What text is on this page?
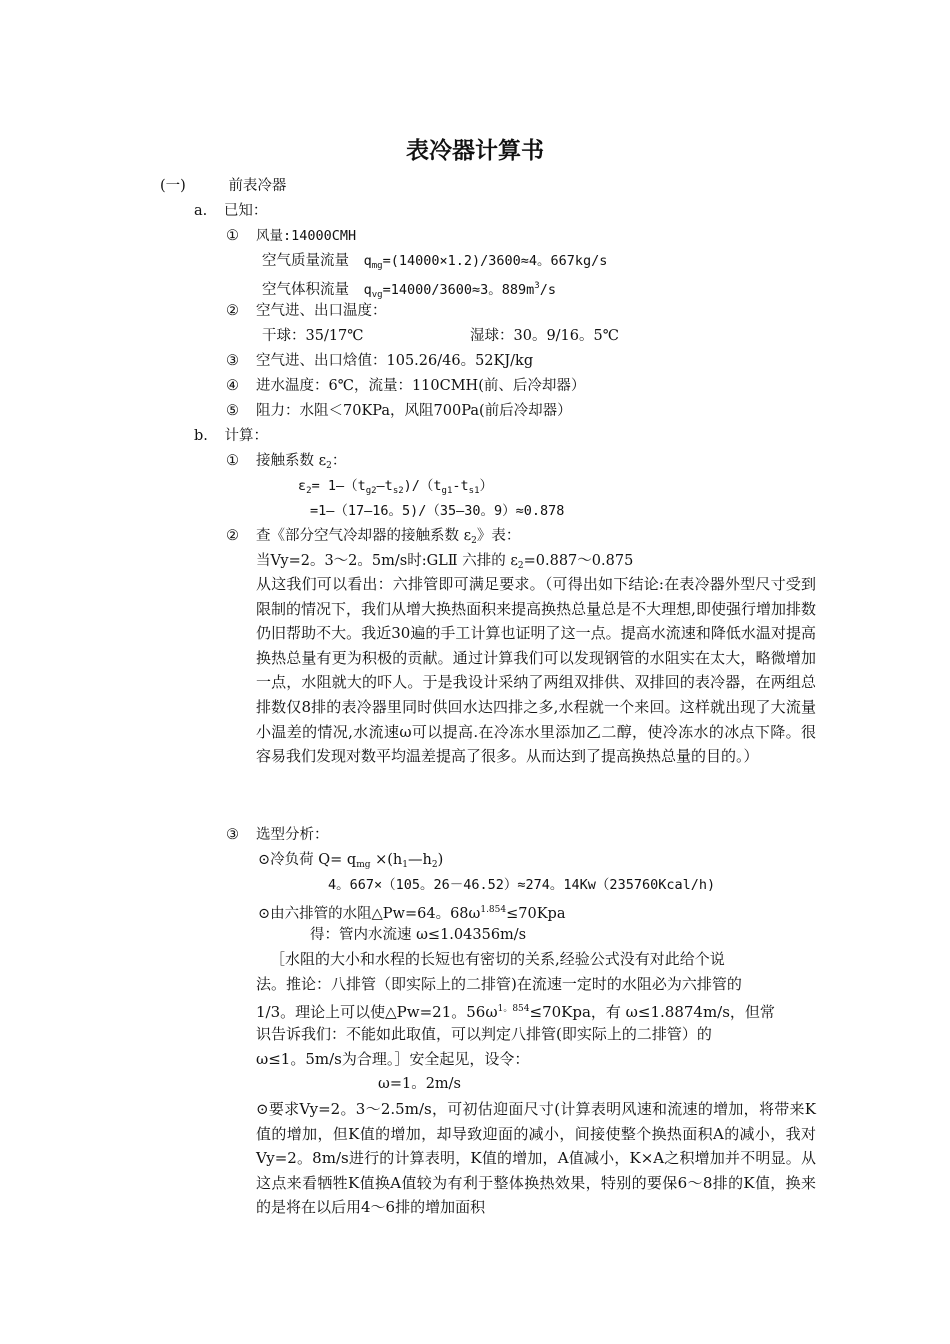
表冷器计算书
(一)	前表冷器
a. 已知：
① 风量:14000CMH
空气质量流量 $q_{mg}=(14000\times 1.2)/3600\approx 4$。667kg/s
空气体积流量 $q_{vg}=14000/3600\approx 3$。$889m^3/s$
② 空气进、出口温度：
干球：35/17℃	湿球：30。9/16。5℃
③ 空气进、出口焓值：105.26/46。52KJ/kg
④ 进水温度：6℃，流量：110CMH(前、后冷却器）
⑤ 阻力：水阻＜70KPa，风阻700Pa(前后冷却器）
b. 计算：
① 接触系数 $\varepsilon_2$：
$\varepsilon_2=$ $1—(t_{g2}—t_{s2})/(t_{g1}-t_{s1})$
=1—（17—16。5)/（35—30。9）≈0.878
② 查《部分空气冷却器的接触系数 $\varepsilon_2$》表：
当Vy=2。3～2。5m/s时:GLⅡ 六排的 $\varepsilon_2=0.887\sim 0.875$
从这我们可以看出：六排管即可满足要求。（可得出如下结论:在表冷器外型尺寸受到限制的情况下，我们从增大换热面积来提高换热总量总是不大理想,即使强行增加排数仍旧帮助不大。我近30遍的手工计算也证明了这一点。提高水流速和降低水温对提高换热总量有更为积极的贡献。通过计算我们可以发现钢管的水阻实在太大，略微增加一点，水阻就大的吓人。于是我设计采纳了两组双排供、双排回的表冷器，在两组总排数仅8排的表冷器里同时供回水达四排之多,水程就一个来回。这样就出现了大流量小温差的情况,水流速ω可以提高.在冷冻水里添加乙二醇，使冷冻水的冰点下降。很容易我们发现对数平均温差提高了很多。从而达到了提高换热总量的目的。）
③ 选型分析：
⊙冷负荷 $Q= q_{mg}$ $\times(h_1—h_2)$
4。667×（105。26－46.52）≈274。14Kw（235760Kcal/h)
⊙由六排管的水阻△Pw=64。$68\omega^{1.854}\le 70Kpa$
得：管内水流速 ω≤1.04356m/s
［水阻的大小和水程的长短也有密切的关系,经验公式没有对此给个说
法。推论：八排管（即实际上的二排管)在流速一定时的水阻必为六排管的
1/3。理论上可以使△Pw=21。$56\omega^{1。854}\le 70Kpa$，有 ω≤1.8874m/s，但常
识告诉我们：不能如此取值，可以判定八排管(即实际上的二排管）的
ω≤1。5m/s为合理。］安全起见，设令：
ω=1。2m/s
⊙要求Vy=2。3～2.5m/s，可初估迎面尺寸(计算表明风速和流速的增加，将带来K值的增加，但K值的增加，却导致迎面的减小，间接使整个换热面积A的减小，我对Vy=2。8m/s进行的计算表明，K值的增加，A值减小，K×A之积增加并不明显。从这点来看牺牲K值换A值较为有利于整体换热效果，特别的要保6～8排的K值，换来的是将在以后用4～6排的增加面积
